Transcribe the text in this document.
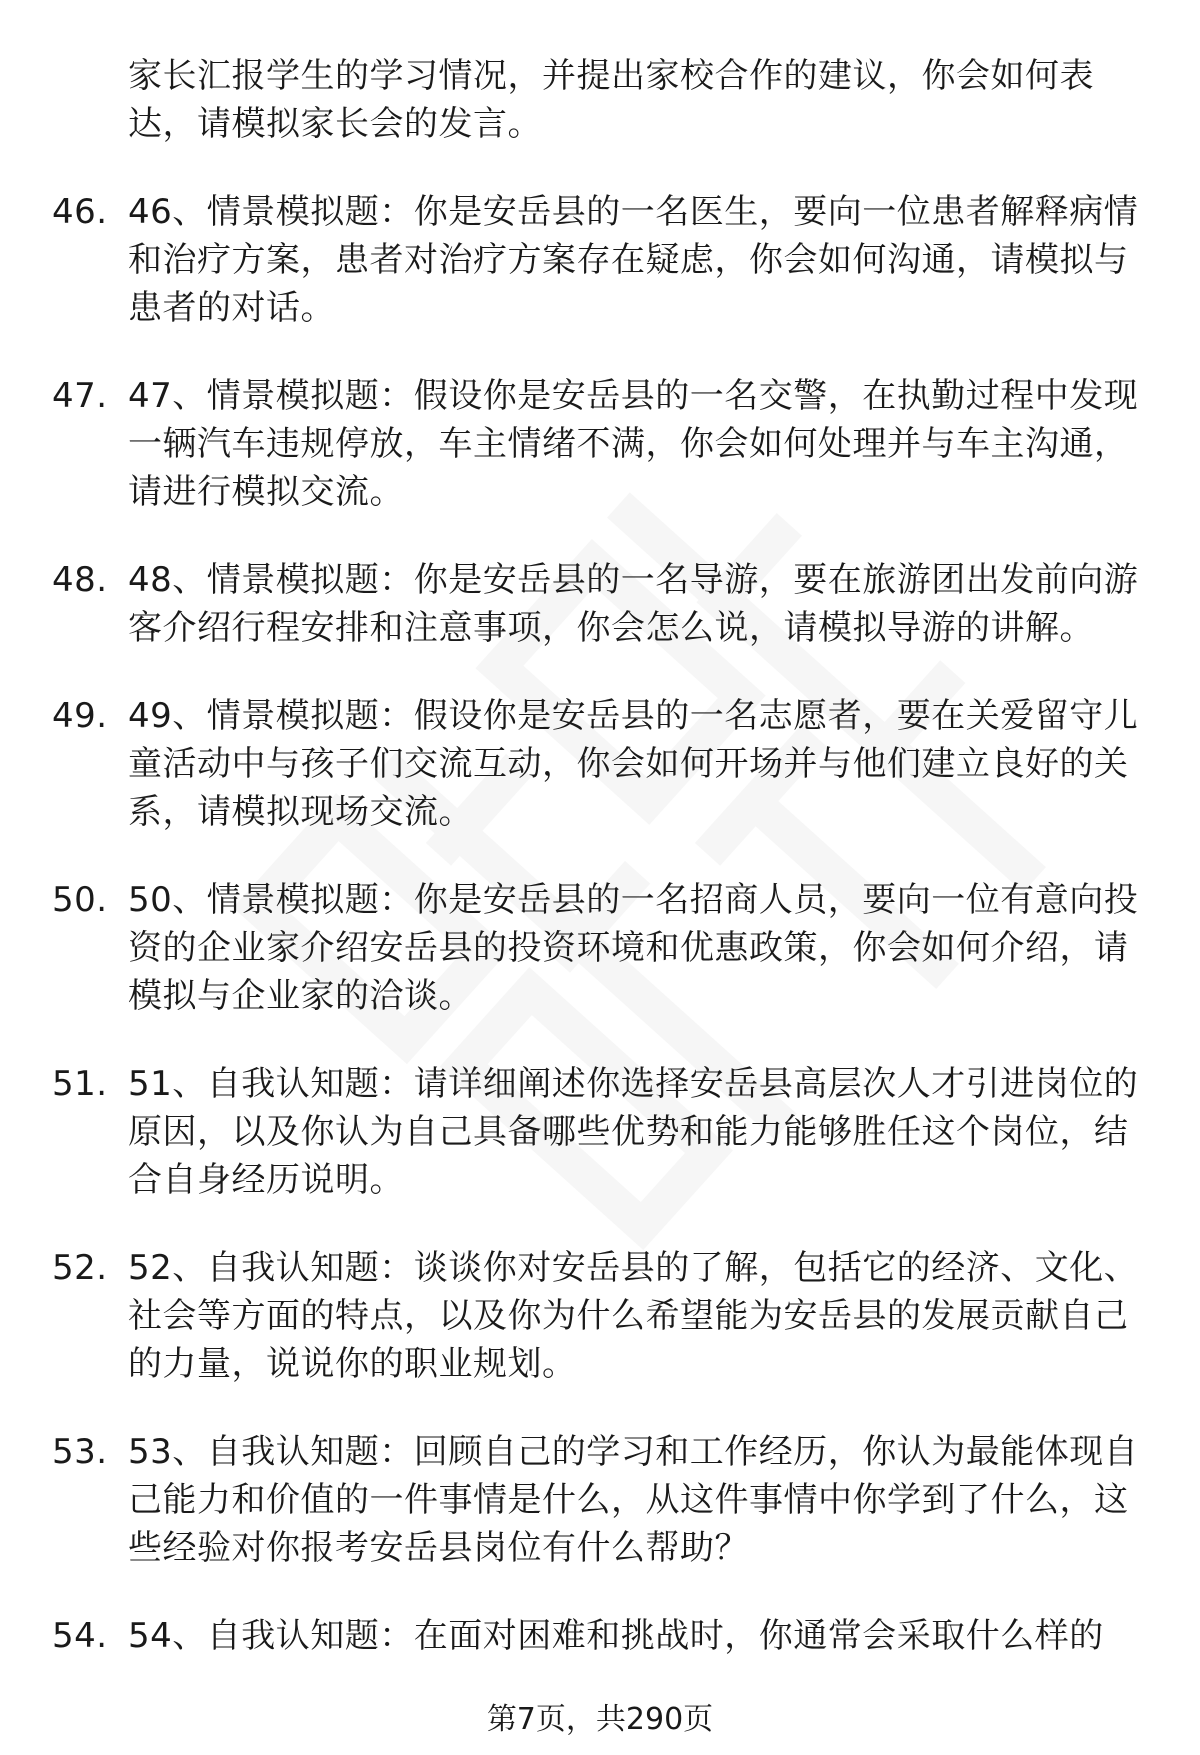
家长汇报学生的学习情况，并提出家校合作的建议，你会如何表达，请模拟家长会的发言。
46. 46、情景模拟题：你是安岳县的一名医生，要向一位患者解释病情和治疗方案，患者对治疗方案存在疑虑，你会如何沟通，请模拟与患者的对话。
47. 47、情景模拟题：假设你是安岳县的一名交警，在执勤过程中发现一辆汽车违规停放，车主情绪不满，你会如何处理并与车主沟通，请进行模拟交流。
48. 48、情景模拟题：你是安岳县的一名导游，要在旅游团出发前向游客介绍行程安排和注意事项，你会怎么说，请模拟导游的讲解。
49. 49、情景模拟题：假设你是安岳县的一名志愿者，要在关爱留守儿童活动中与孩子们交流互动，你会如何开场并与他们建立良好的关系，请模拟现场交流。
50. 50、情景模拟题：你是安岳县的一名招商人员，要向一位有意向投资的企业家介绍安岳县的投资环境和优惠政策，你会如何介绍，请模拟与企业家的洽谈。
51. 51、自我认知题：请详细阐述你选择安岳县高层次人才引进岗位的原因，以及你认为自己具备哪些优势和能力能够胜任这个岗位，结合自身经历说明。
52. 52、自我认知题：谈谈你对安岳县的了解，包括它的经济、文化、社会等方面的特点，以及你为什么希望能为安岳县的发展贡献自己的力量，说说你的职业规划。
53. 53、自我认知题：回顾自己的学习和工作经历，你认为最能体现自己能力和价值的一件事情是什么，从这件事情中你学到了什么，这些经验对你报考安岳县岗位有什么帮助？
54. 54、自我认知题：在面对困难和挑战时，你通常会采取什么样的
第7页，共290页
